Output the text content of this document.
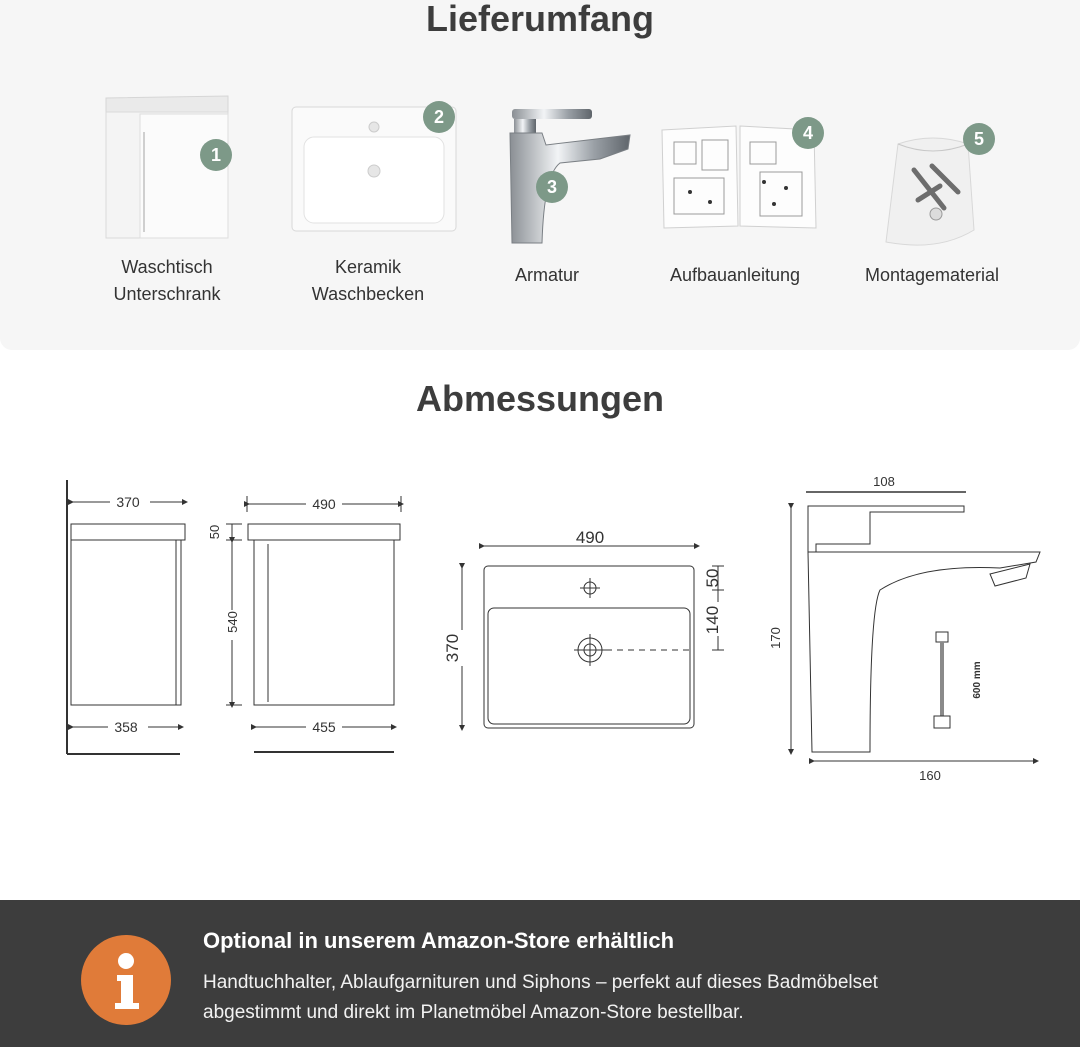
Lieferumfang
1
Waschtisch
Unterschrank
2
Keramik
Waschbecken
3
Armatur
4
Aufbauanleitung
5
Montagematerial
Abmessungen
370
358
490
50
540
455
490
370
50
140
108
170
160
600 mm
Optional in unserem Amazon-Store erhältlich
Handtuchhalter, Ablaufgarnituren und Siphons – perfekt auf dieses Badmöbelset
abgestimmt und direkt im Planetmöbel Amazon-Store bestellbar.
